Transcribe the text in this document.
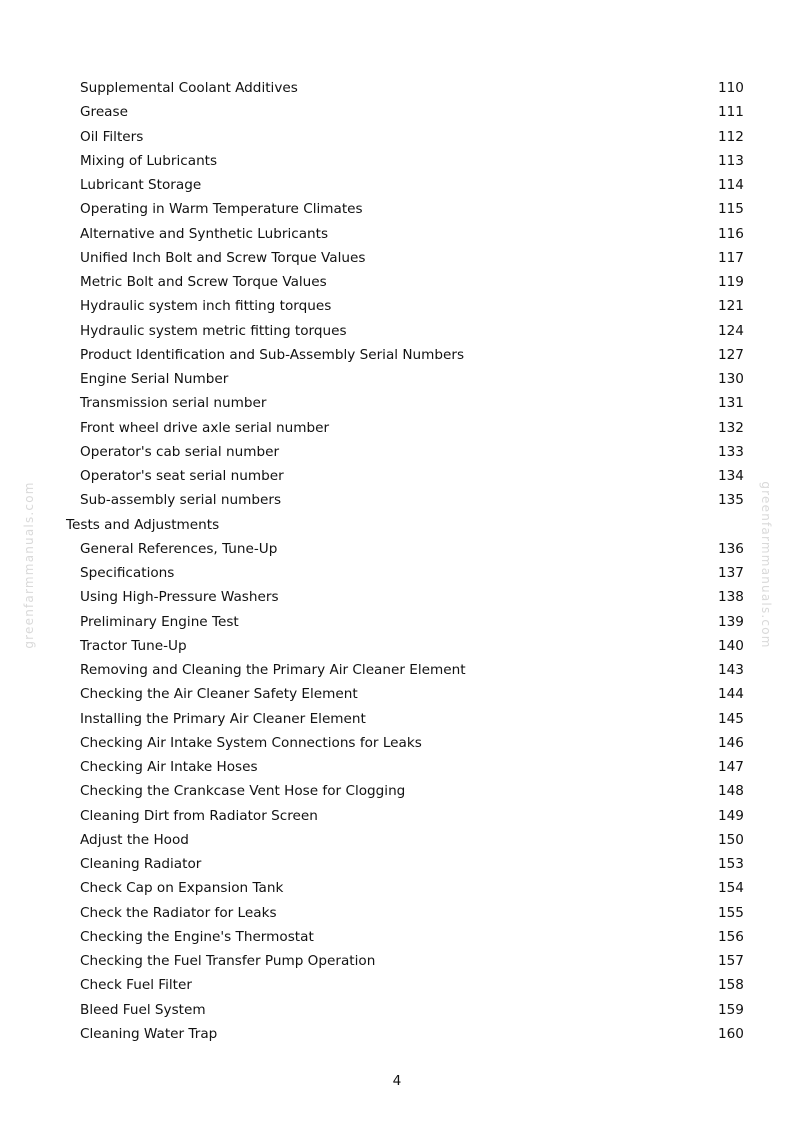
greenfarmmanuals.com	greenfarmmanuals.com
Supplemental Coolant Additives	110
Grease	111
Oil Filters	112
Mixing of Lubricants	113
Lubricant Storage	114
Operating in Warm Temperature Climates	115
Alternative and Synthetic Lubricants	116
Unified Inch Bolt and Screw Torque Values	117
Metric Bolt and Screw Torque Values	119
Hydraulic system inch fitting torques	121
Hydraulic system metric fitting torques	124
Product Identification and Sub-Assembly Serial Numbers	127
Engine Serial Number	130
Transmission serial number	131
Front wheel drive axle serial number	132
Operator's cab serial number	133
Operator's seat serial number	134
Sub-assembly serial numbers	135
Tests and Adjustments
General References, Tune-Up	136
Specifications	137
Using High-Pressure Washers	138
Preliminary Engine Test	139
Tractor Tune-Up	140
Removing and Cleaning the Primary Air Cleaner Element	143
Checking the Air Cleaner Safety Element	144
Installing the Primary Air Cleaner Element	145
Checking Air Intake System Connections for Leaks	146
Checking Air Intake Hoses	147
Checking the Crankcase Vent Hose for Clogging	148
Cleaning Dirt from Radiator Screen	149
Adjust the Hood	150
Cleaning Radiator	153
Check Cap on Expansion Tank	154
Check the Radiator for Leaks	155
Checking the Engine's Thermostat	156
Checking the Fuel Transfer Pump Operation	157
Check Fuel Filter	158
Bleed Fuel System	159
Cleaning Water Trap	160
4
